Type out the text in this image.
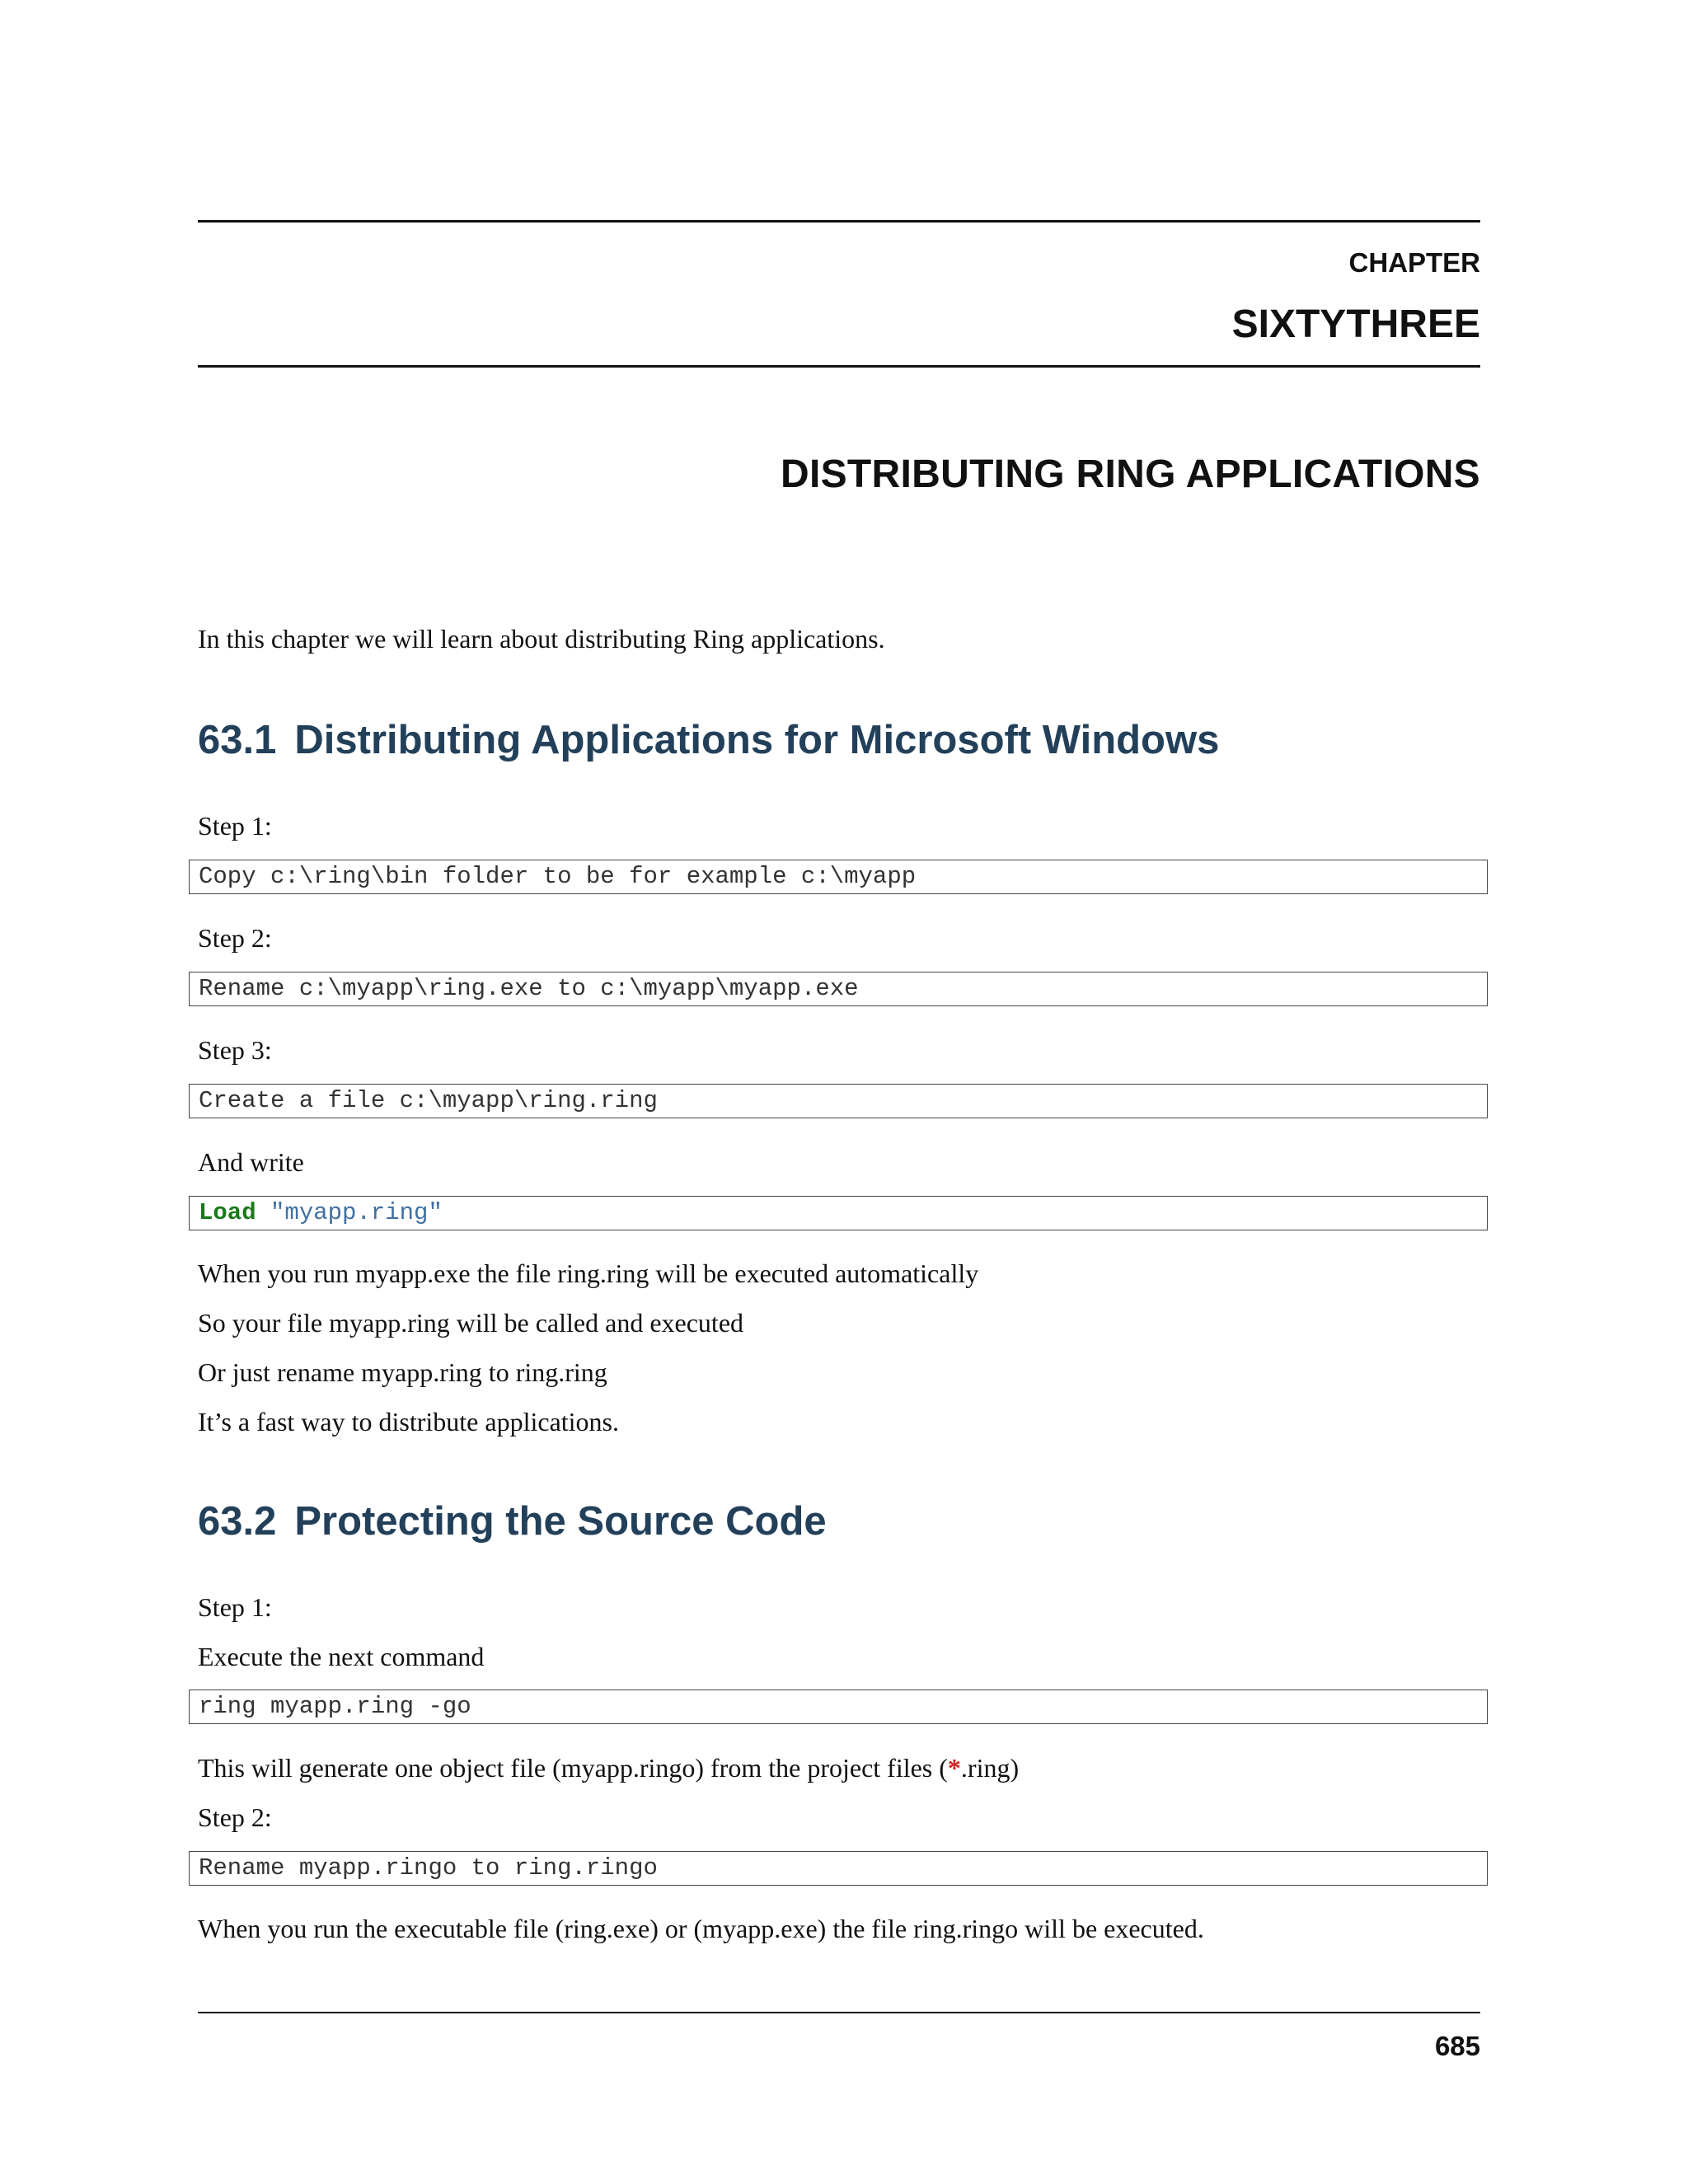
CHAPTER
SIXTYTHREE
DISTRIBUTING RING APPLICATIONS
In this chapter we will learn about distributing Ring applications.
63.1 Distributing Applications for Microsoft Windows
Step 1:
Copy c:\ring\bin folder to be for example c:\myapp
Step 2:
Rename c:\myapp\ring.exe to c:\myapp\myapp.exe
Step 3:
Create a file c:\myapp\ring.ring
And write
Load "myapp.ring"
When you run myapp.exe the file ring.ring will be executed automatically
So your file myapp.ring will be called and executed
Or just rename myapp.ring to ring.ring
It’s a fast way to distribute applications.
63.2 Protecting the Source Code
Step 1:
Execute the next command
ring myapp.ring -go
This will generate one object file (myapp.ringo) from the project files (*.ring)
Step 2:
Rename myapp.ringo to ring.ringo
When you run the executable file (ring.exe) or (myapp.exe) the file ring.ringo will be executed.
685
